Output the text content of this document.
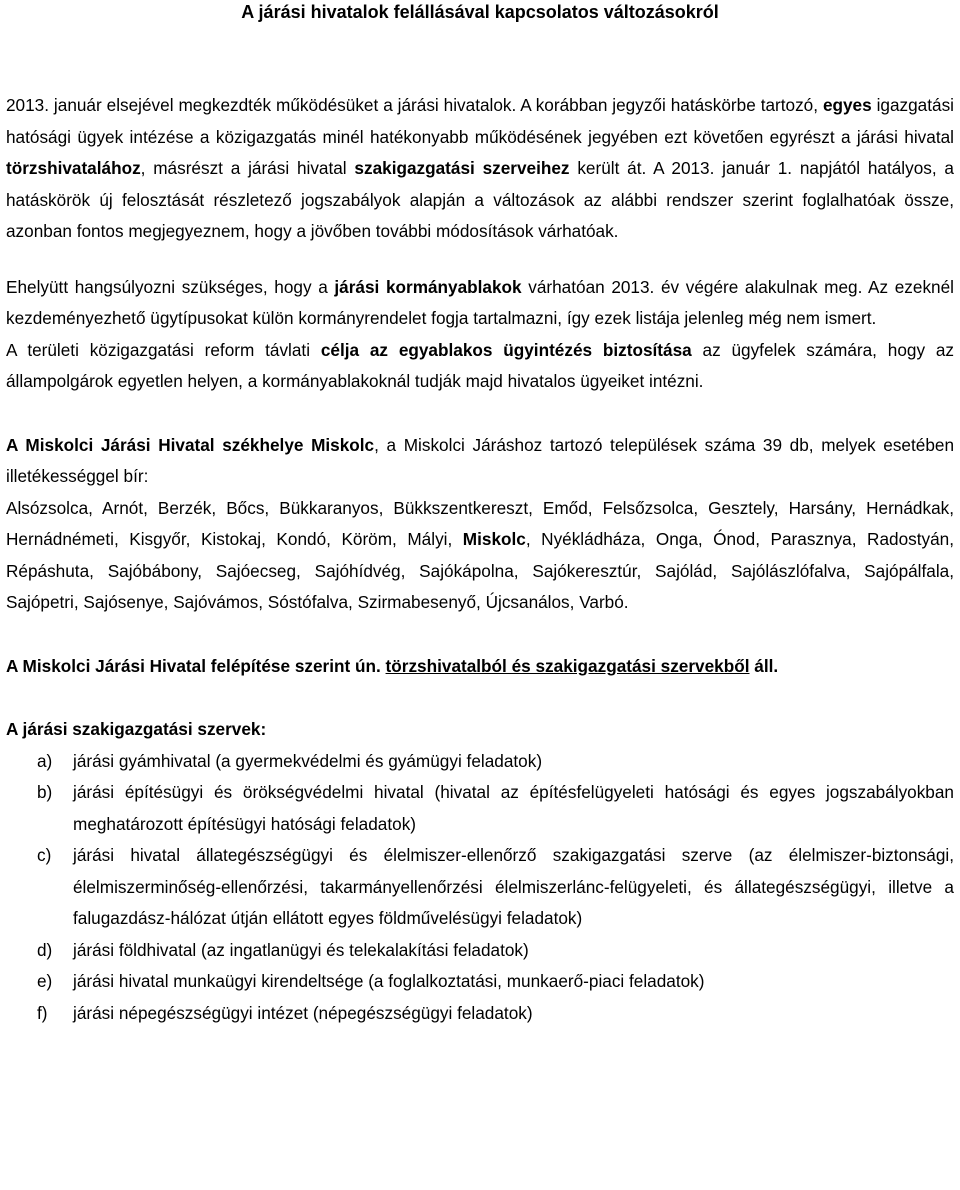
A járási hivatalok felállásával kapcsolatos változásokról

2013. január elsejével megkezdték működésüket a járási hivatalok. A korábban jegyzői hatáskörbe tartozó, egyes igazgatási hatósági ügyek intézése a közigazgatás minél hatékonyabb működésének jegyében ezt követően egyrészt a járási hivatal törzshivatalához, másrészt a járási hivatal szakigazgatási szerveihez került át. A 2013. január 1. napjától hatályos, a hatáskörök új felosztását részletező jogszabályok alapján a változások az alábbi rendszer szerint foglalhatóak össze, azonban fontos megjegyeznem, hogy a jövőben további módosítások várhatóak.

Ehelyütt hangsúlyozni szükséges, hogy a járási kormányablakok várhatóan 2013. év végére alakulnak meg. Az ezeknél kezdeményezhető ügytípusokat külön kormányrendelet fogja tartalmazni, így ezek listája jelenleg még nem ismert.

A területi közigazgatási reform távlati célja az egyablakos ügyintézés biztosítása az ügyfelek számára, hogy az állampolgárok egyetlen helyen, a kormányablakoknál tudják majd hivatalos ügyeiket intézni.

A Miskolci Járási Hivatal székhelye Miskolc, a Miskolci Járáshoz tartozó települések száma 39 db, melyek esetében illetékességgel bír:

Alsózsolca, Arnót, Berzék, Bőcs, Bükkaranyos, Bükkszentkereszt, Emőd, Felsőzsolca, Gesztely, Harsány, Hernádkak, Hernádnémeti, Kisgyőr, Kistokaj, Kondó, Köröm, Mályi, Miskolc, Nyékládháza, Onga, Ónod, Parasznya, Radostyán, Répáshuta, Sajóbábony, Sajóecseg, Sajóhídvég, Sajókápolna, Sajókeresztúr, Sajólád, Sajólászlófalva, Sajópálfala, Sajópetri, Sajósenye, Sajóvámos, Sóstófalva, Szirmabesenyő, Újcsanálos, Varbó.

A Miskolci Járási Hivatal felépítése szerint ún. törzshivatalból és szakigazgatási szervekből áll.

A járási szakigazgatási szervek:

a)	járási gyámhivatal (a gyermekvédelmi és gyámügyi feladatok)
b)	járási építésügyi és örökségvédelmi hivatal (hivatal az építésfelügyeleti hatósági és egyes jogszabályokban meghatározott építésügyi hatósági feladatok)
c)	járási hivatal állategészségügyi és élelmiszer-ellenőrző szakigazgatási szerve (az élelmiszer-biztonsági, élelmiszerminőség-ellenőrzési, takarmányellenőrzési élelmiszerlánc-felügyeleti, és állategészségügyi, illetve a falugazdász-hálózat útján ellátott egyes földművelésügyi feladatok)
d)	járási földhivatal (az ingatlanügyi és telekalakítási feladatok)
e)	járási hivatal munkaügyi kirendeltsége (a foglalkoztatási, munkaerő-piaci feladatok)
f)	járási népegészségügyi intézet (népegészségügyi feladatok)
